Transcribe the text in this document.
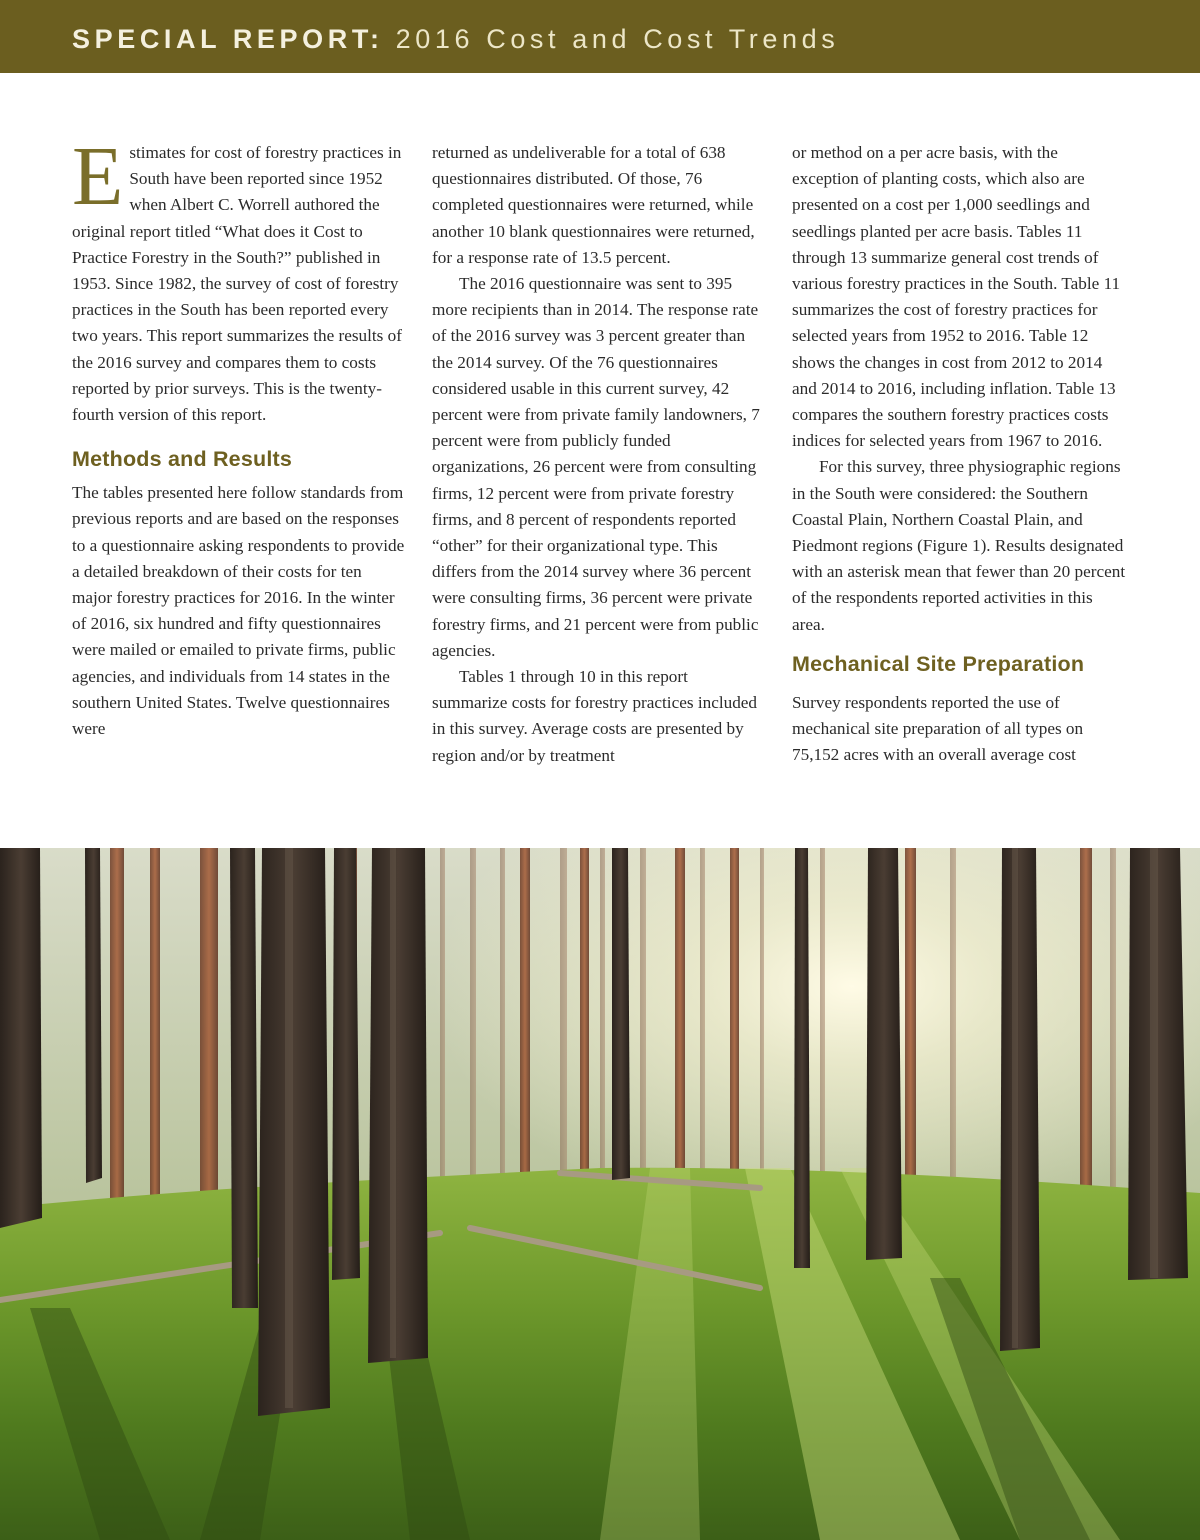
SPECIAL REPORT: 2016 Cost and Cost Trends

Estimates for cost of forestry practices in South have been reported since 1952 when Albert C. Worrell authored the original report titled “What does it Cost to Practice Forestry in the South?” published in 1953. Since 1982, the survey of cost of forestry practices in the South has been reported every two years. This report summarizes the results of the 2016 survey and compares them to costs reported by prior surveys. This is the twenty-fourth version of this report.

Methods and Results

The tables presented here follow standards from previous reports and are based on the responses to a questionnaire asking respondents to provide a detailed breakdown of their costs for ten major forestry practices for 2016. In the winter of 2016, six hundred and fifty questionnaires were mailed or emailed to private firms, public agencies, and individuals from 14 states in the southern United States. Twelve questionnaires were

returned as undeliverable for a total of 638 questionnaires distributed. Of those, 76 completed questionnaires were returned, while another 10 blank questionnaires were returned, for a response rate of 13.5 percent.

The 2016 questionnaire was sent to 395 more recipients than in 2014. The response rate of the 2016 survey was 3 percent greater than the 2014 survey. Of the 76 questionnaires considered usable in this current survey, 42 percent were from private family landowners, 7 percent were from publicly funded organizations, 26 percent were from consulting firms, 12 percent were from private forestry firms, and 8 percent of respondents reported “other” for their organizational type. This differs from the 2014 survey where 36 percent were consulting firms, 36 percent were private forestry firms, and 21 percent were from public agencies.

Tables 1 through 10 in this report summarize costs for forestry practices included in this survey. Average costs are presented by region and/or by treatment

or method on a per acre basis, with the exception of planting costs, which also are presented on a cost per 1,000 seedlings and seedlings planted per acre basis. Tables 11 through 13 summarize general cost trends of various forestry practices in the South. Table 11 summarizes the cost of forestry practices for selected years from 1952 to 2016. Table 12 shows the changes in cost from 2012 to 2014 and 2014 to 2016, including inflation. Table 13 compares the southern forestry practices costs indices for selected years from 1967 to 2016.

For this survey, three physiographic regions in the South were considered: the Southern Coastal Plain, Northern Coastal Plain, and Piedmont regions (Figure 1). Results designated with an asterisk mean that fewer than 20 percent of the respondents reported activities in this area.

Mechanical Site Preparation

Survey respondents reported the use of mechanical site preparation of all types on 75,152 acres with an overall average cost
